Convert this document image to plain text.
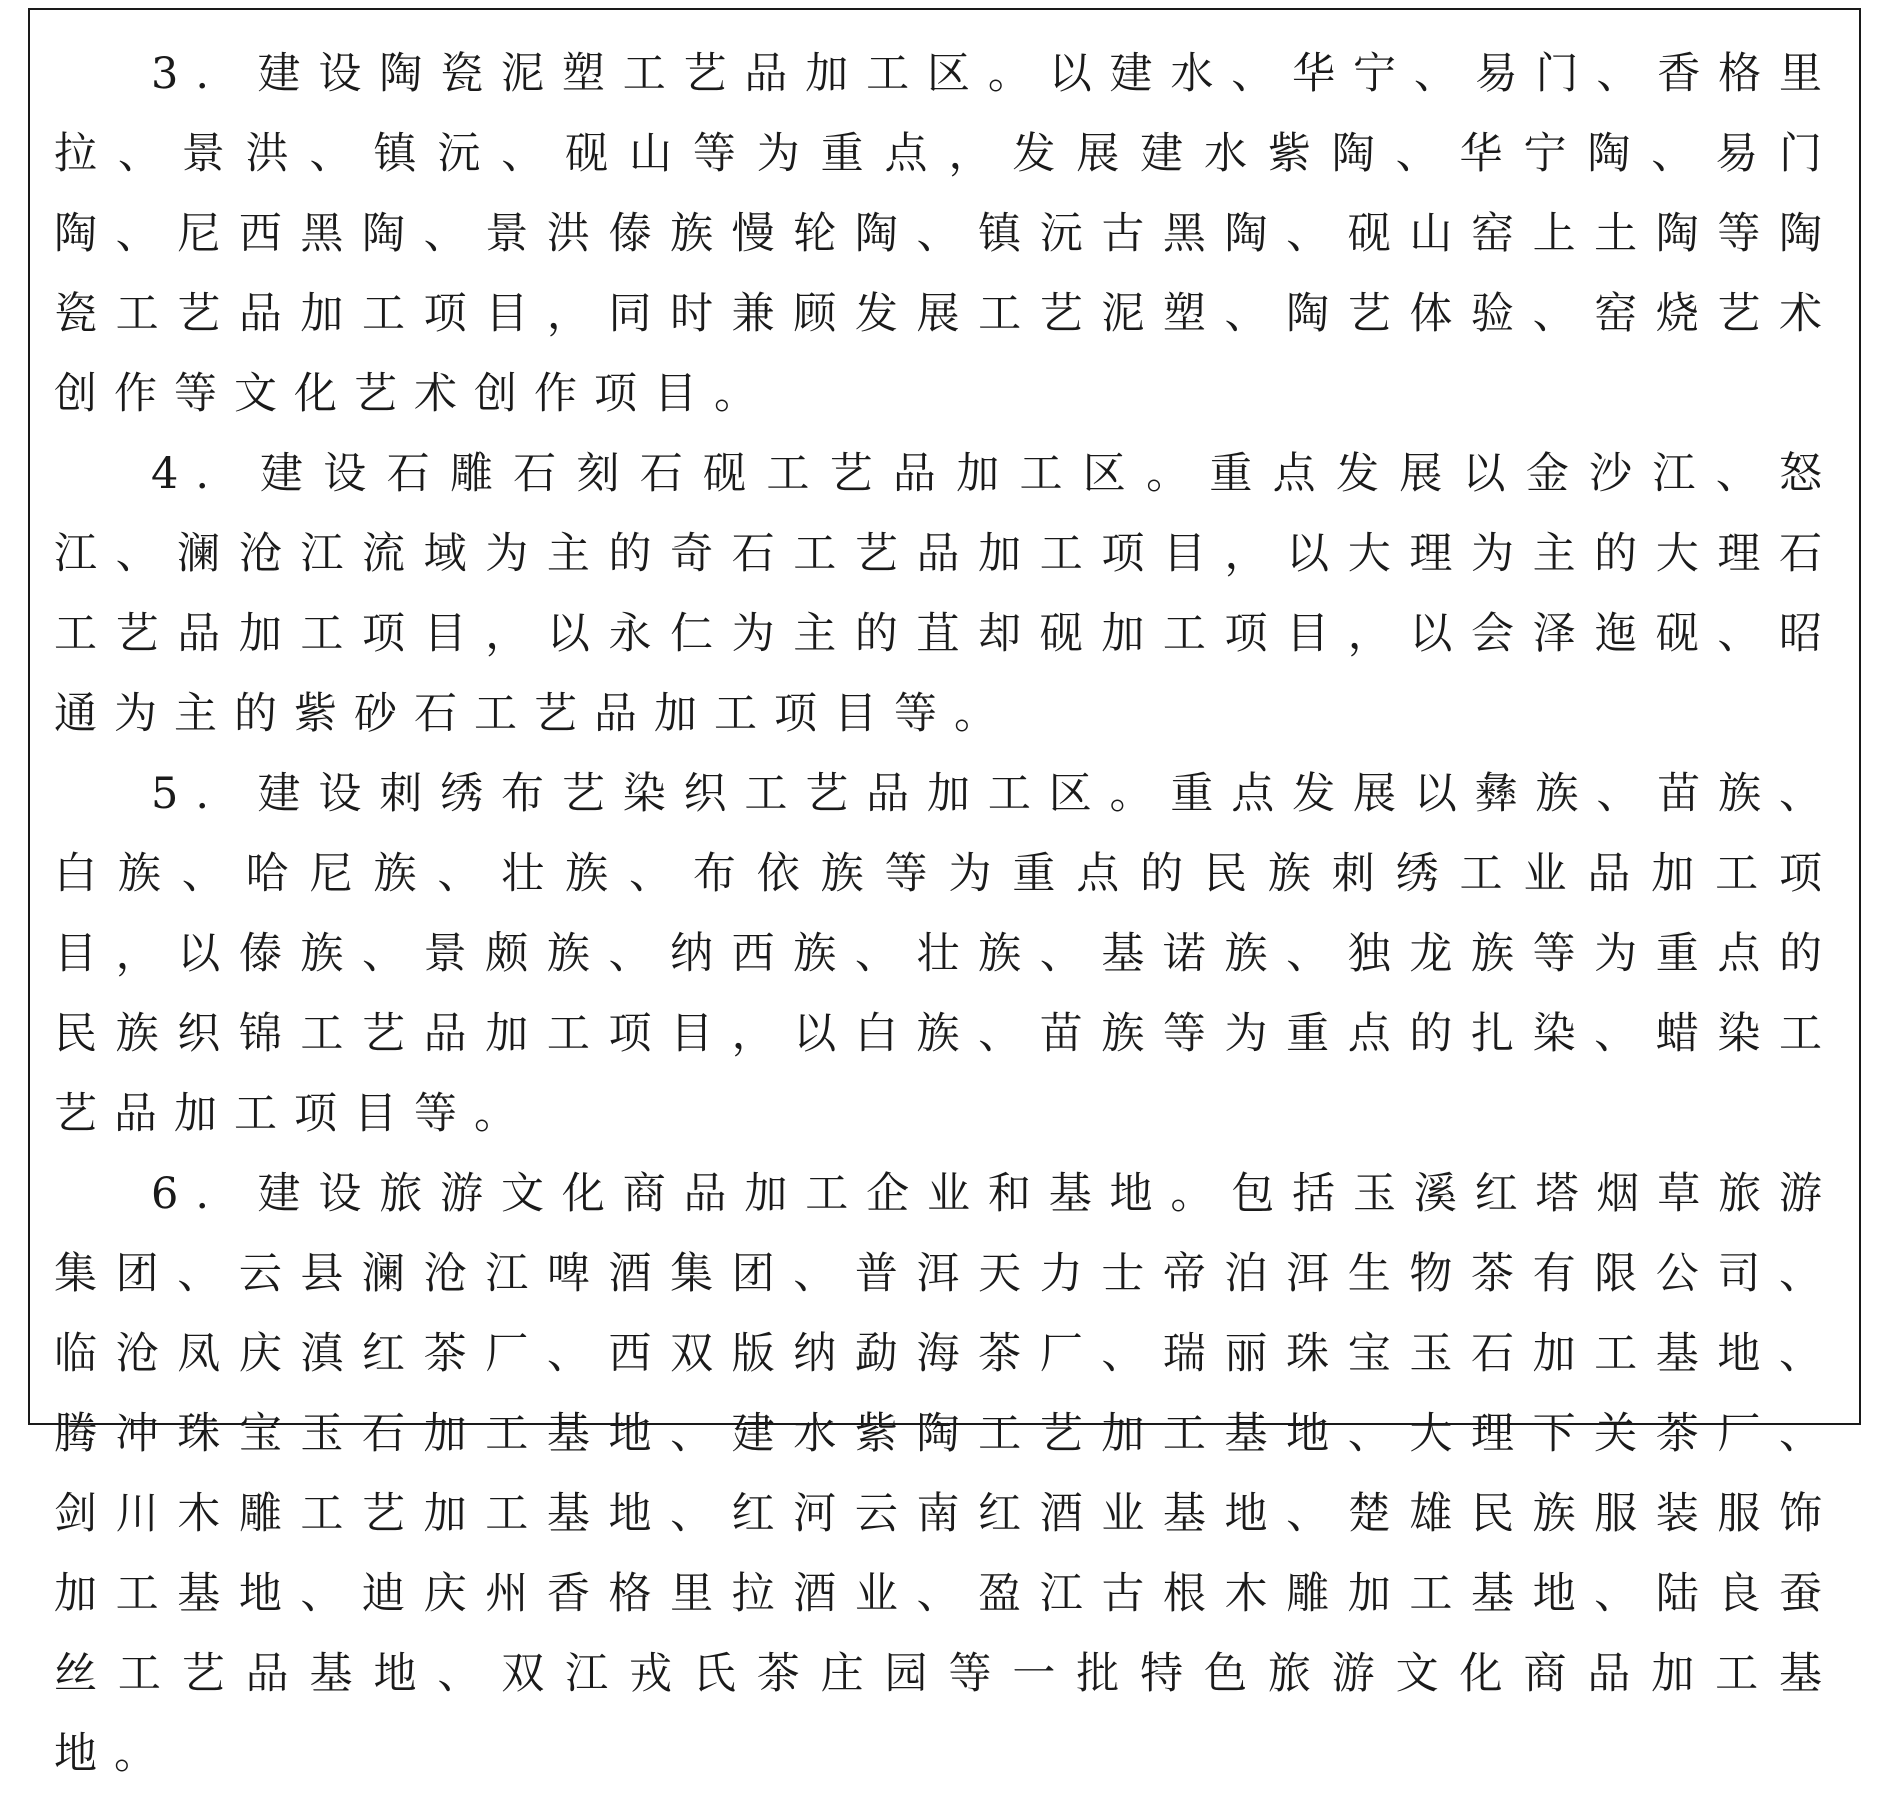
3. 建设陶瓷泥塑工艺品加工区。以建水、华宁、易门、香格里拉、景洪、镇沅、砚山等为重点，发展建水紫陶、华宁陶、易门陶、尼西黑陶、景洪傣族慢轮陶、镇沅古黑陶、砚山窑上土陶等陶瓷工艺品加工项目，同时兼顾发展工艺泥塑、陶艺体验、窑烧艺术创作等文化艺术创作项目。

4. 建设石雕石刻石砚工艺品加工区。重点发展以金沙江、怒江、澜沧江流域为主的奇石工艺品加工项目，以大理为主的大理石工艺品加工项目，以永仁为主的苴却砚加工项目，以会泽迤砚、昭通为主的紫砂石工艺品加工项目等。

5. 建设刺绣布艺染织工艺品加工区。重点发展以彝族、苗族、白族、哈尼族、壮族、布依族等为重点的民族刺绣工业品加工项目，以傣族、景颇族、纳西族、壮族、基诺族、独龙族等为重点的民族织锦工艺品加工项目，以白族、苗族等为重点的扎染、蜡染工艺品加工项目等。

6. 建设旅游文化商品加工企业和基地。包括玉溪红塔烟草旅游集团、云县澜沧江啤酒集团、普洱天力士帝泊洱生物茶有限公司、临沧凤庆滇红茶厂、西双版纳勐海茶厂、瑞丽珠宝玉石加工基地、腾冲珠宝玉石加工基地、建水紫陶工艺加工基地、大理下关茶厂、剑川木雕工艺加工基地、红河云南红酒业基地、楚雄民族服装服饰加工基地、迪庆州香格里拉酒业、盈江古根木雕加工基地、陆良蚕丝工艺品基地、双江戎氏茶庄园等一批特色旅游文化商品加工基地。
